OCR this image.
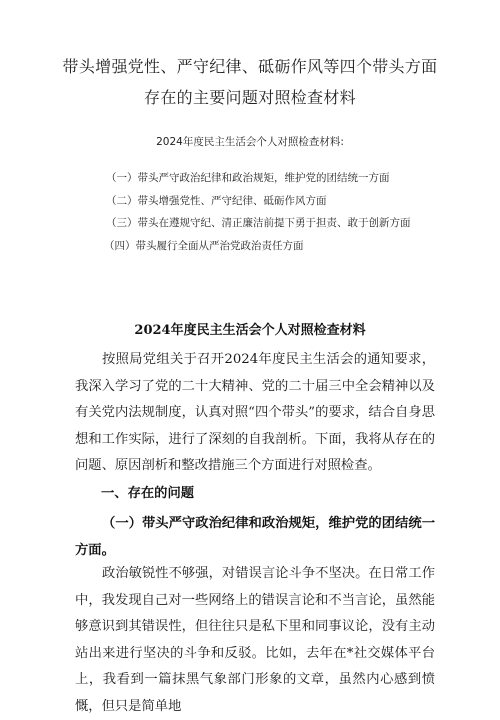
带头增强党性、严守纪律、砥砺作风等四个带头方面
存在的主要问题对照检查材料
2024年度民主生活会个人对照检查材料:
（一）带头严守政治纪律和政治规矩，维护党的团结统一方面
（二）带头增强党性、严守纪律、砥砺作风方面
（三）带头在遵规守纪、清正廉洁前提下勇于担责、敢于创新方面
（四）带头履行全面从严治党政治责任方面
2024年度民主生活会个人对照检查材料
按照局党组关于召开2024年度民主生活会的通知要求，我深入学习了党的二十大精神、党的二十届三中全会精神以及有关党内法规制度，认真对照“四个带头”的要求，结合自身思想和工作实际，进行了深刻的自我剖析。下面，我将从存在的问题、原因剖析和整改措施三个方面进行对照检查。
一、存在的问题
（一）带头严守政治纪律和政治规矩，维护党的团结统一方面。
政治敏锐性不够强，对错误言论斗争不坚决。在日常工作中，我发现自己对一些网络上的错误言论和不当言论，虽然能够意识到其错误性，但往往只是私下里和同事议论，没有主动站出来进行坚决的斗争和反驳。比如，去年在*社交媒体平台上，我看到一篇抹黑气象部门形象的文章，虽然内心感到愤慨，但只是简单地
